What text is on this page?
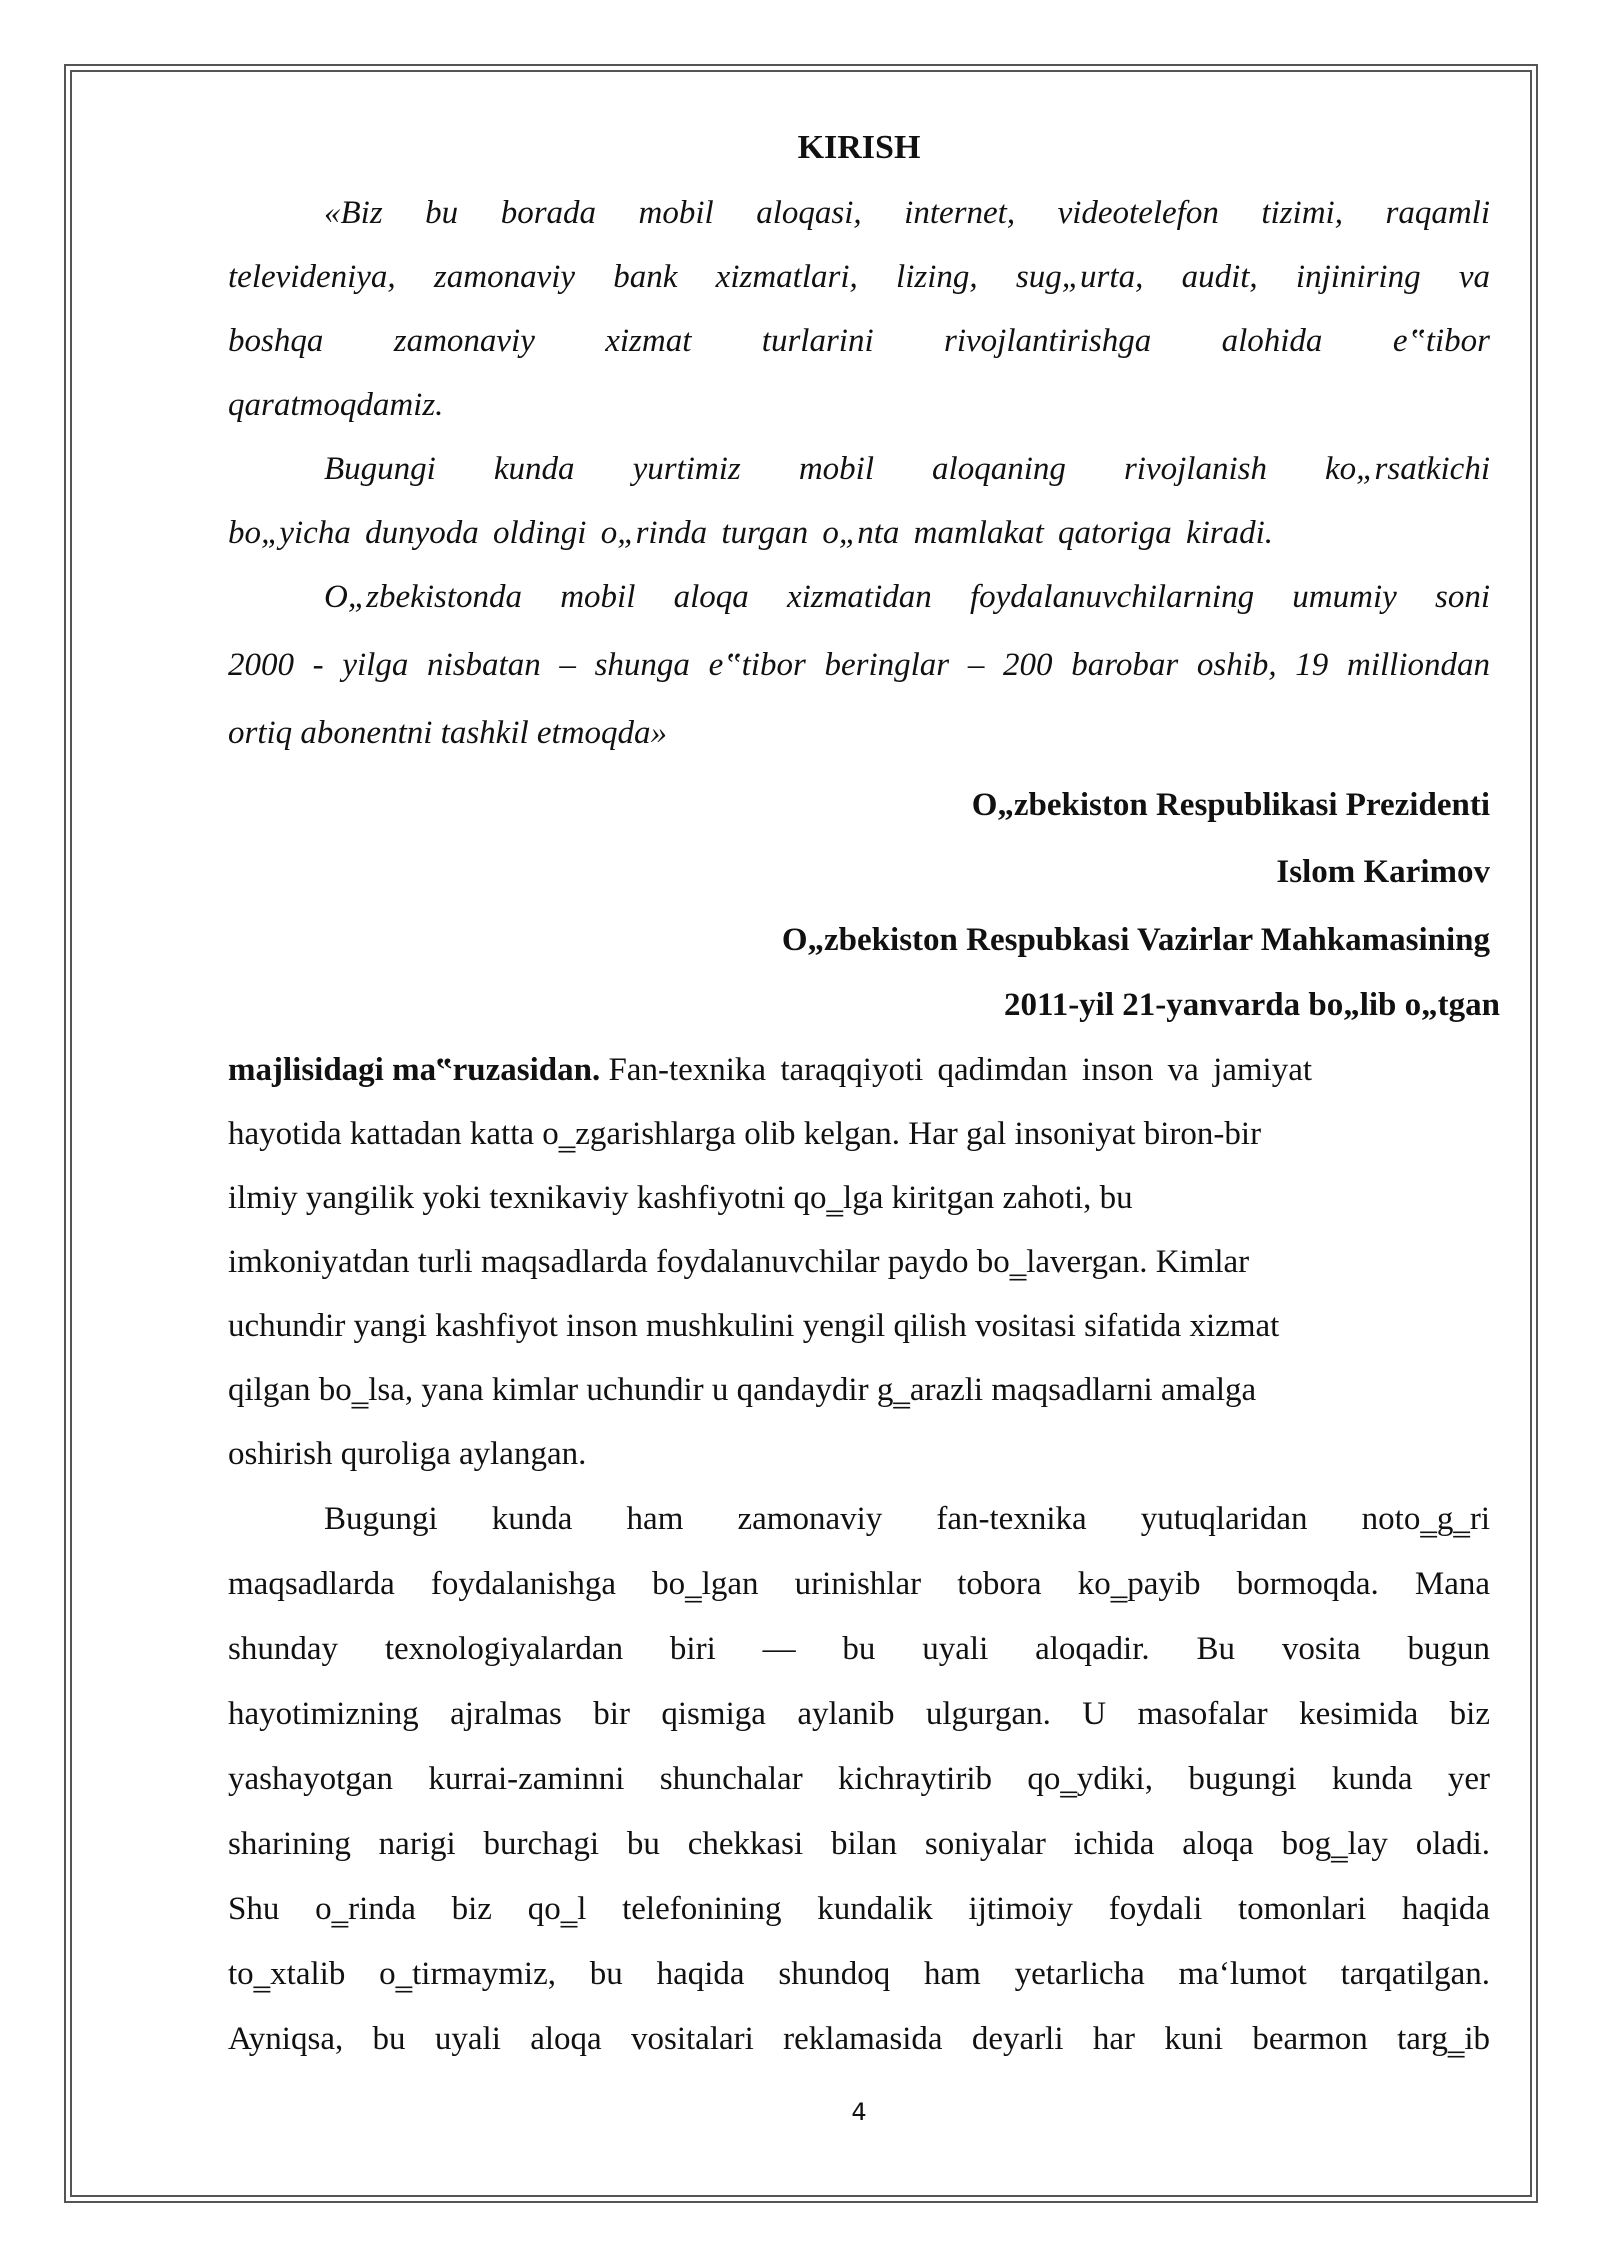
KIRISH
«Biz bu borada mobil aloqasi, internet, videotelefon tizimi, raqamli
televideniya, zamonaviy bank xizmatlari, lizing, sug„urta, audit, injiniring va
boshqa zamonaviy xizmat turlarini rivojlantirishga alohida e‟tibor
qaratmoqdamiz.
Bugungi kunda yurtimiz mobil aloqaning rivojlanish ko„rsatkichi
bo„yicha dunyoda oldingi o„rinda turgan o„nta mamlakat qatoriga kiradi.
O„zbekistonda mobil aloqa xizmatidan foydalanuvchilarning umumiy soni
2000 - yilga nisbatan – shunga e‟tibor beringlar – 200 barobar oshib, 19 milliondan
ortiq abonentni tashkil etmoqda»
O„zbekiston Respublikasi Prezidenti
Islom Karimov
O„zbekiston Respubkasi Vazirlar Mahkamasining
2011-yil 21-yanvarda bo„lib o„tgan
majlisidagi ma‟ruzasidan. Fan-texnika taraqqiyoti qadimdan inson va jamiyat
hayotida kattadan katta o‗zgarishlarga olib kelgan. Har gal insoniyat biron-bir
ilmiy yangilik yoki texnikaviy kashfiyotni qo‗lga kiritgan zahoti, bu
imkoniyatdan turli maqsadlarda foydalanuvchilar paydo bo‗lavergan. Kimlar
uchundir yangi kashfiyot inson mushkulini yengil qilish vositasi sifatida xizmat
qilgan bo‗lsa, yana kimlar uchundir u qandaydir g‗arazli maqsadlarni amalga
oshirish quroliga aylangan.
Bugungi kunda ham zamonaviy fan-texnika yutuqlaridan noto‗g‗ri
maqsadlarda foydalanishga bo‗lgan urinishlar tobora ko‗payib bormoqda. Mana
shunday texnologiyalardan biri — bu uyali aloqadir. Bu vosita bugun
hayotimizning ajralmas bir qismiga aylanib ulgurgan. U masofalar kesimida biz
yashayotgan kurrai-zaminni shunchalar kichraytirib qo‗ydiki, bugungi kunda yer
sharining narigi burchagi bu chekkasi bilan soniyalar ichida aloqa bog‗lay oladi.
Shu o‗rinda biz qo‗l telefonining kundalik ijtimoiy foydali tomonlari haqida
to‗xtalib o‗tirmaymiz, bu haqida shundoq ham yetarlicha ma‘lumot tarqatilgan.
Ayniqsa, bu uyali aloqa vositalari reklamasida deyarli har kuni bearmon targ‗ib
4
